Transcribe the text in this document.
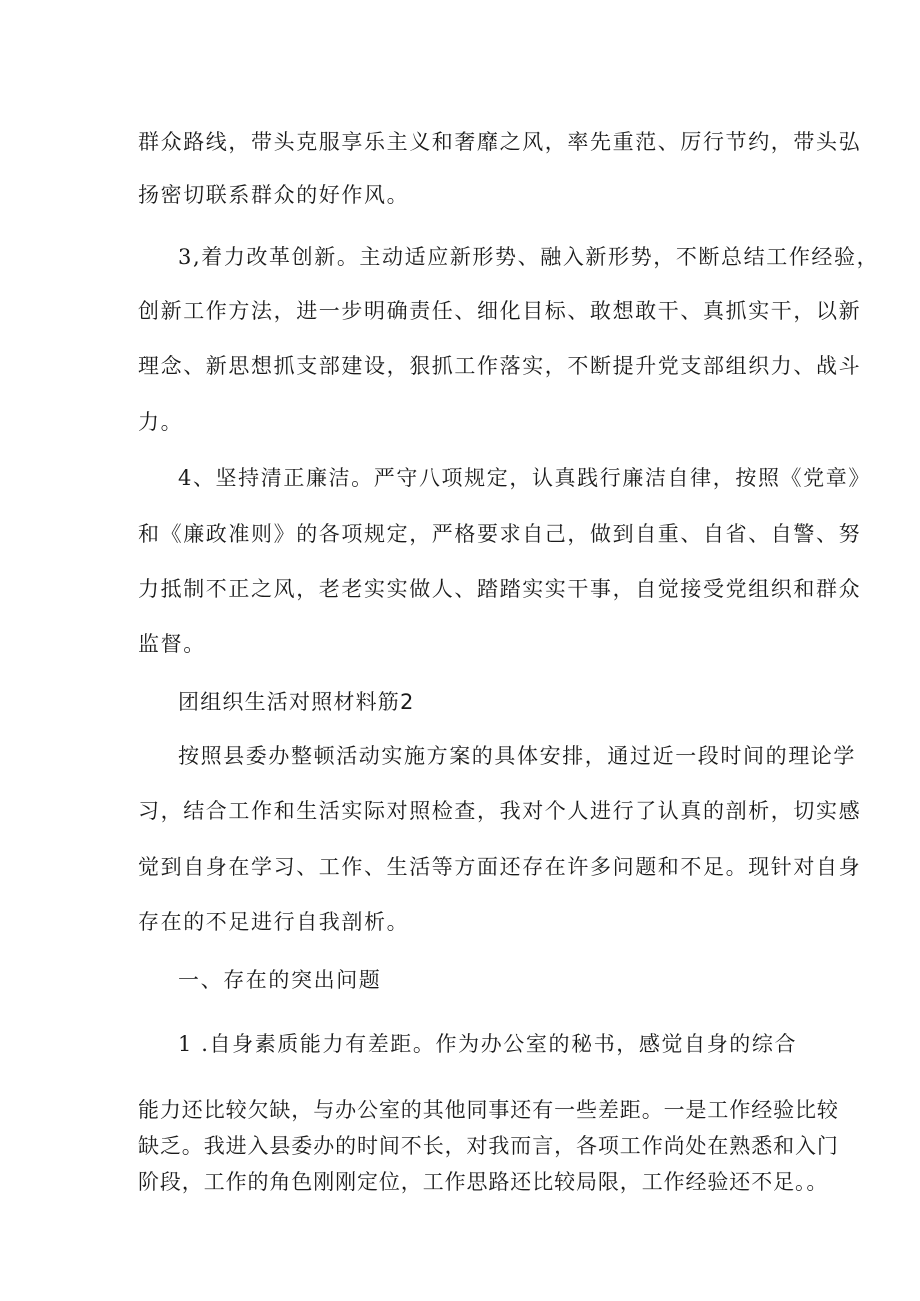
群众路线，带头克服享乐主义和奢靡之风，率先重范、厉行节约，带头弘
扬密切联系群众的好作风。
3,着力改革创新。主动适应新形势、融入新形势，不断总结工作经验，
创新工作方法，进一步明确责任、细化目标、敢想敢干、真抓实干，以新
理念、新思想抓支部建设，狠抓工作落实，不断提升党支部组织力、战斗
力。
4、坚持清正廉洁。严守八项规定，认真践行廉洁自律，按照《党章》
和《廉政准则》的各项规定，严格要求自己，做到自重、自省、自警、努
力抵制不正之风，老老实实做人、踏踏实实干事，自觉接受党组织和群众
监督。
团组织生活对照材料筋2
按照县委办整顿活动实施方案的具体安排，通过近一段时间的理论学
习，结合工作和生活实际对照检查，我对个人进行了认真的剖析，切实感
觉到自身在学习、工作、生活等方面还存在许多问题和不足。现针对自身
存在的不足进行自我剖析。
一、存在的突出问题
1 .自身素质能力有差距。作为办公室的秘书，感觉自身的综合
能力还比较欠缺，与办公室的其他同事还有一些差距。一是工作经验比较
缺乏。我进入县委办的时间不长，对我而言，各项工作尚处在熟悉和入门
阶段，工作的角色刚刚定位，工作思路还比较局限，工作经验还不足。。
